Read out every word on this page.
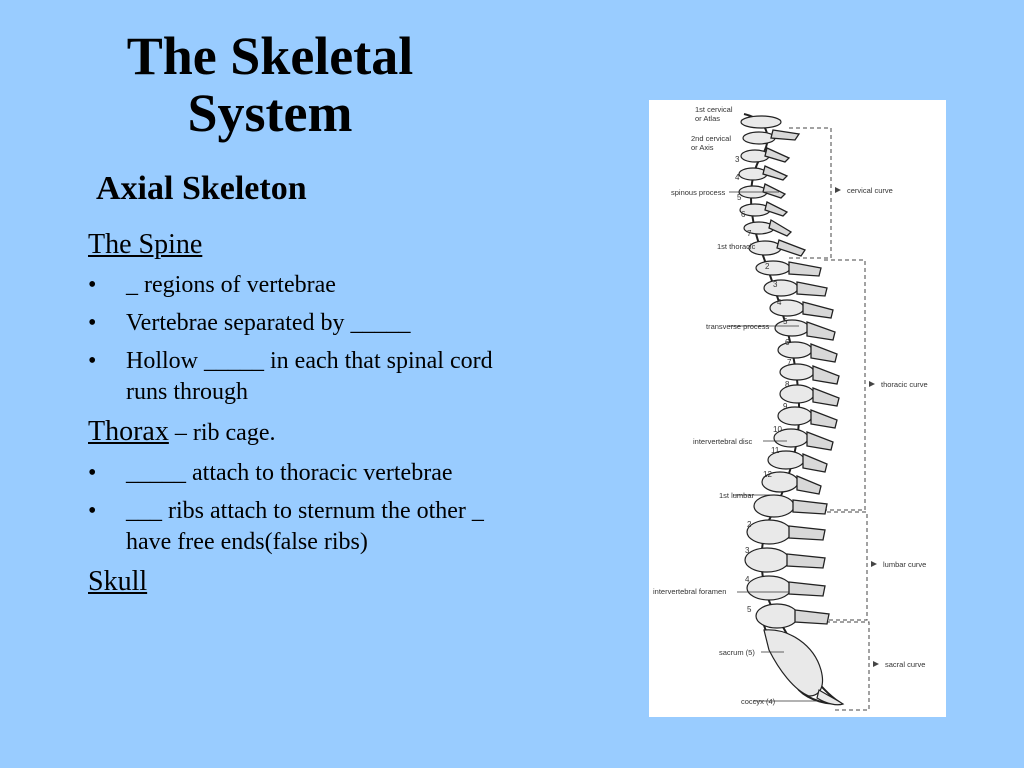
The Skeletal
System
Axial Skeleton
The Spine
• _ regions of vertebrae
• Vertebrae separated by _____
• Hollow _____ in each that spinal cord runs through
Thorax – rib cage.
• _____ attach to thoracic vertebrae
• ___ ribs attach to sternum the other _ have free ends(false ribs)
Skull
1st cervical
or Atlas
2nd cervical
or Axis
spinous process
1st thoracic
transverse process
intervertebral disc
1st lumbar
intervertebral foramen
sacrum (5)
coccyx (4)
cervical curve
thoracic curve
lumbar curve
sacral curve
3
4
5
6
7
2
3
4
5
6
7
8
9
10
11
12
2
3
4
5
